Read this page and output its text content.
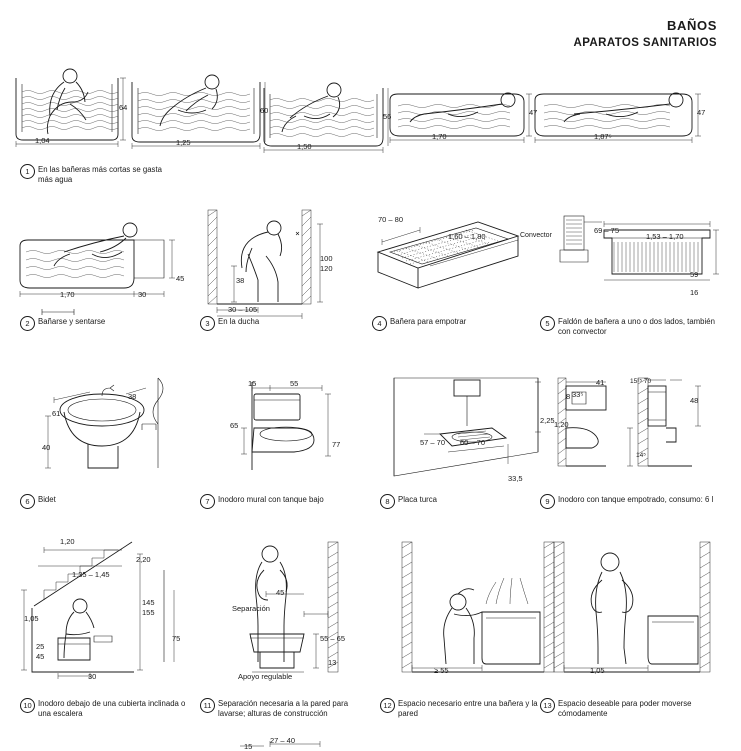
BAÑOS
APARATOS SANITARIOS
64
1,04
60
1,25
56
1,50
1,70
47
1,87⁵
47
1	En las bañeras más cortas se gasta más agua
1,70	30
45
2	Bañarse y sentarse
100
120
38
30 – 105
3	En la ducha
70 – 80
1,60 – 1,80
4	Bañera para empotrar
Convector
69 – 75
1,53 – 1,70
59
16
5	Faldón de bañera a uno o dos lados, también con convector
61
38
40
6	Bidet
15	55
65
77
7	Inodoro mural con tanque bajo
2,25
57 – 70 60 – 70
33,5
8	Placa turca
41
33⁵
15¹⁵ 70
8	48
1,20
14⁵
9	Inodoro con tanque empotrado, consumo: 6 l
1,20
2,20
1,35 – 1,45
1,05
145
155
75
25
45
30
10 Inodoro debajo de una cubierta inclinada o una escalera
45
Separación
55 – 65
13
Apoyo regulable
11 Separación necesaria a la pared para lavarse; alturas de construcción
≥ 55
12 Espacio necesario entre una bañera y la pared
1,05
13 Espacio deseable para poder moverse cómodamente
27 – 40
15
